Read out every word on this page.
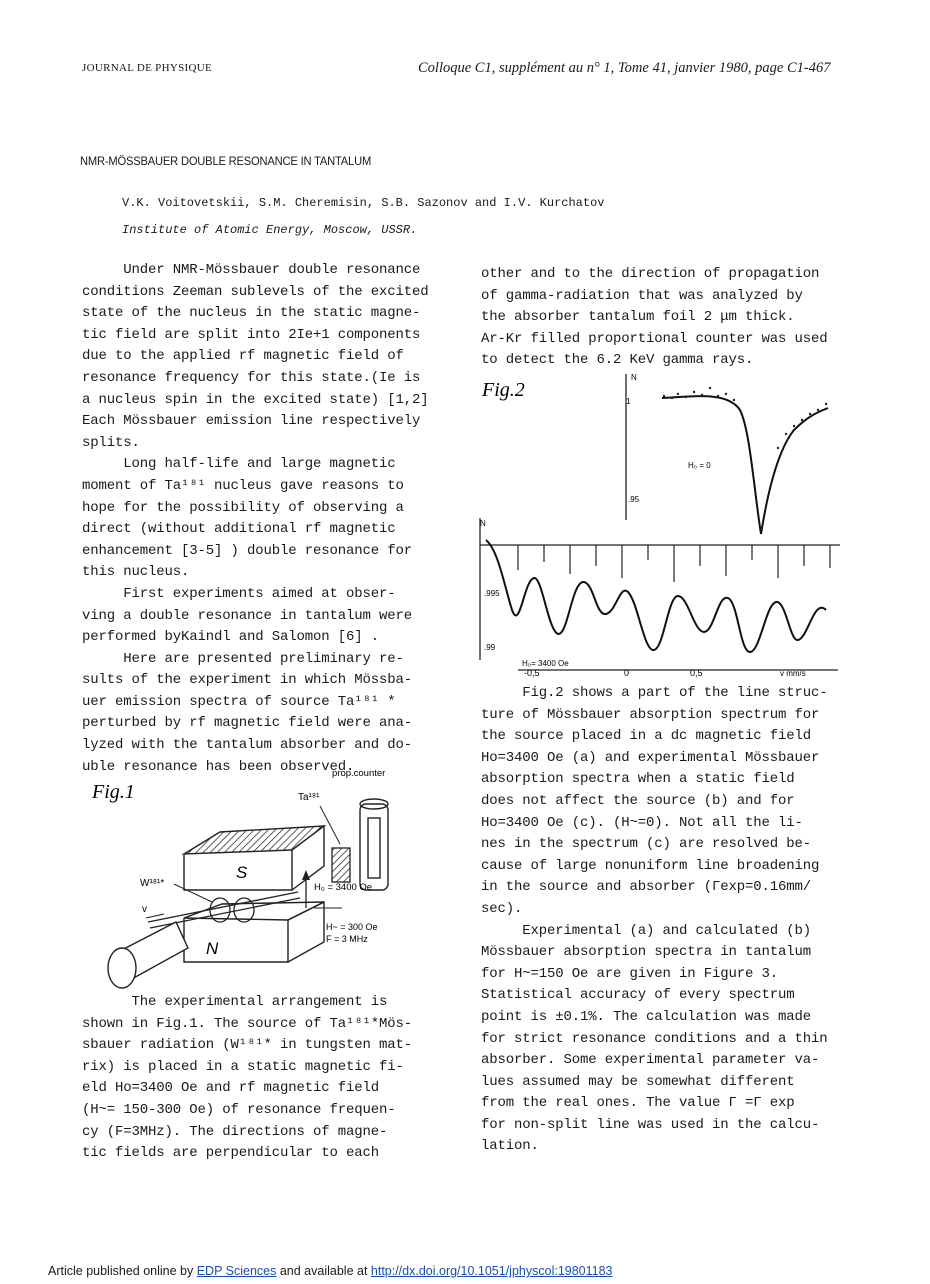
JOURNAL DE PHYSIQUE	Colloque C1, supplément au n° 1, Tome 41, janvier 1980, page C1-467
NMR-MÖSSBAUER DOUBLE RESONANCE IN TANTALUM
V.K. Voitovetskii, S.M. Cheremisin, S.B. Sazonov and I.V. Kurchatov
Institute of Atomic Energy, Moscow, USSR.
Under NMR-Mössbauer double resonance
conditions Zeeman sublevels of the excited
state of the nucleus in the static magne-
tic field are split into 2Ie+1 components
due to the applied rf magnetic field of
resonance frequency for this state.(Ie is
a nucleus spin in the excited state) [1,2]
Each Mössbauer emission line respectively
splits.
Long half-life and large magnetic
moment of Ta¹⁸¹ nucleus gave reasons to
hope for the possibility of observing a
direct (without additional rf magnetic
enhancement [3-5] ) double resonance for
this nucleus.
First experiments aimed at obser-
ving a double resonance in tantalum were
performed byKaindl and Salomon [6] .
Here are presented preliminary re-
sults of the experiment in which Mössba-
uer emission spectra of source Ta¹⁸¹ *
perturbed by rf magnetic field were ana-
lyzed with the tantalum absorber and do-
uble resonance has been observed.
The experimental arrangement is
shown in Fig.1. The source of Ta¹⁸¹*Mös-
sbauer radiation (W¹⁸¹* in tungsten mat-
rix) is placed in a static magnetic fi-
eld Ho=3400 Oe and rf magnetic field
(H~= 150-300 Oe) of resonance frequen-
cy (F=3MHz). The directions of magne-
tic fields are perpendicular to each
other and to the direction of propagation
of gamma-radiation that was analyzed by
the absorber tantalum foil 2 μm thick.
Ar-Kr filled proportional counter was used
to detect the 6.2 KeV gamma rays.
Fig.2 shows a part of the line struc-
ture of Mössbauer absorption spectrum for
the source placed in a dc magnetic field
Ho=3400 Oe (a) and experimental Mössbauer
absorption spectra when a static field
does not affect the source (b) and for
Ho=3400 Oe (c). (H~=0). Not all the li-
nes in the spectrum (c) are resolved be-
cause of large nonuniform line broadening
in the source and absorber (Γexp=0.16mm/
sec).
Experimental (a) and calculated (b)
Mössbauer absorption spectra in tantalum
for H~=150 Oe are given in Figure 3.
Statistical accuracy of every spectrum
point is ±0.1%. The calculation was made
for strict resonance conditions and a thin
absorber. Some experimental parameter va-
lues assumed may be somewhat different
from the real ones. The value Γ =Γ exp
for non-split line was used in the calcu-
lation.
Fig.1
S
N
W¹⁸¹*
v
Ta¹⁸¹
prop.counter
H₀ = 3400 Oe
H~ = 300 Oe
F = 3 MHz
Fig.2
N
1
.95
H₀ = 0
N
.995
.99
H₀= 3400 Oe
-0,5	0	0,5	v mm/s
Article published online by EDP Sciences and available at http://dx.doi.org/10.1051/jphyscol:19801183
